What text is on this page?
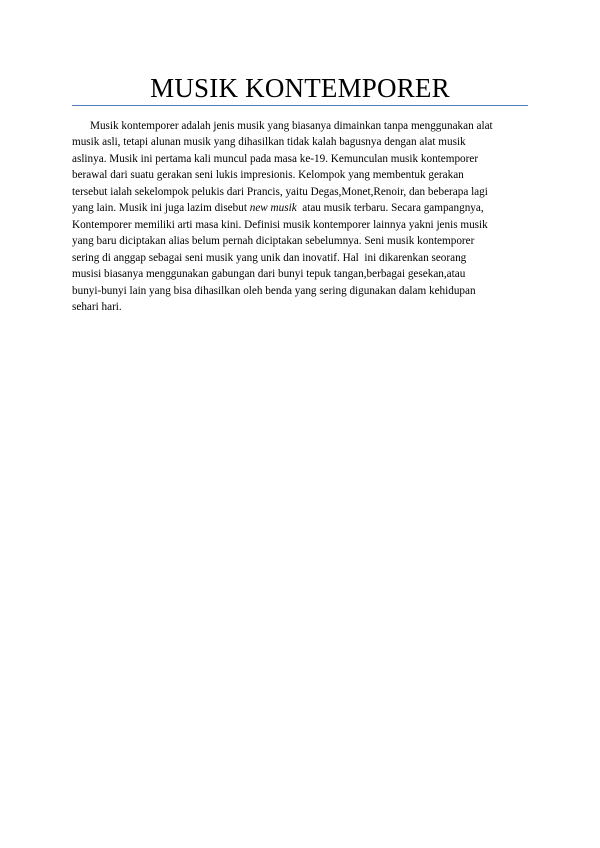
MUSIK KONTEMPORER

Musik kontemporer adalah jenis musik yang biasanya dimainkan tanpa menggunakan alat
musik asli, tetapi alunan musik yang dihasilkan tidak kalah bagusnya dengan alat musik
aslinya. Musik ini pertama kali muncul pada masa ke-19. Kemunculan musik kontemporer
berawal dari suatu gerakan seni lukis impresionis. Kelompok yang membentuk gerakan
tersebut ialah sekelompok pelukis dari Prancis, yaitu Degas,Monet,Renoir, dan beberapa lagi
yang lain. Musik ini juga lazim disebut new musik  atau musik terbaru. Secara gampangnya,
Kontemporer memiliki arti masa kini. Definisi musik kontemporer lainnya yakni jenis musik
yang baru diciptakan alias belum pernah diciptakan sebelumnya. Seni musik kontemporer
sering di anggap sebagai seni musik yang unik dan inovatif. Hal  ini dikarenkan seorang
musisi biasanya menggunakan gabungan dari bunyi tepuk tangan,berbagai gesekan,atau
bunyi-bunyi lain yang bisa dihasilkan oleh benda yang sering digunakan dalam kehidupan
sehari hari.
